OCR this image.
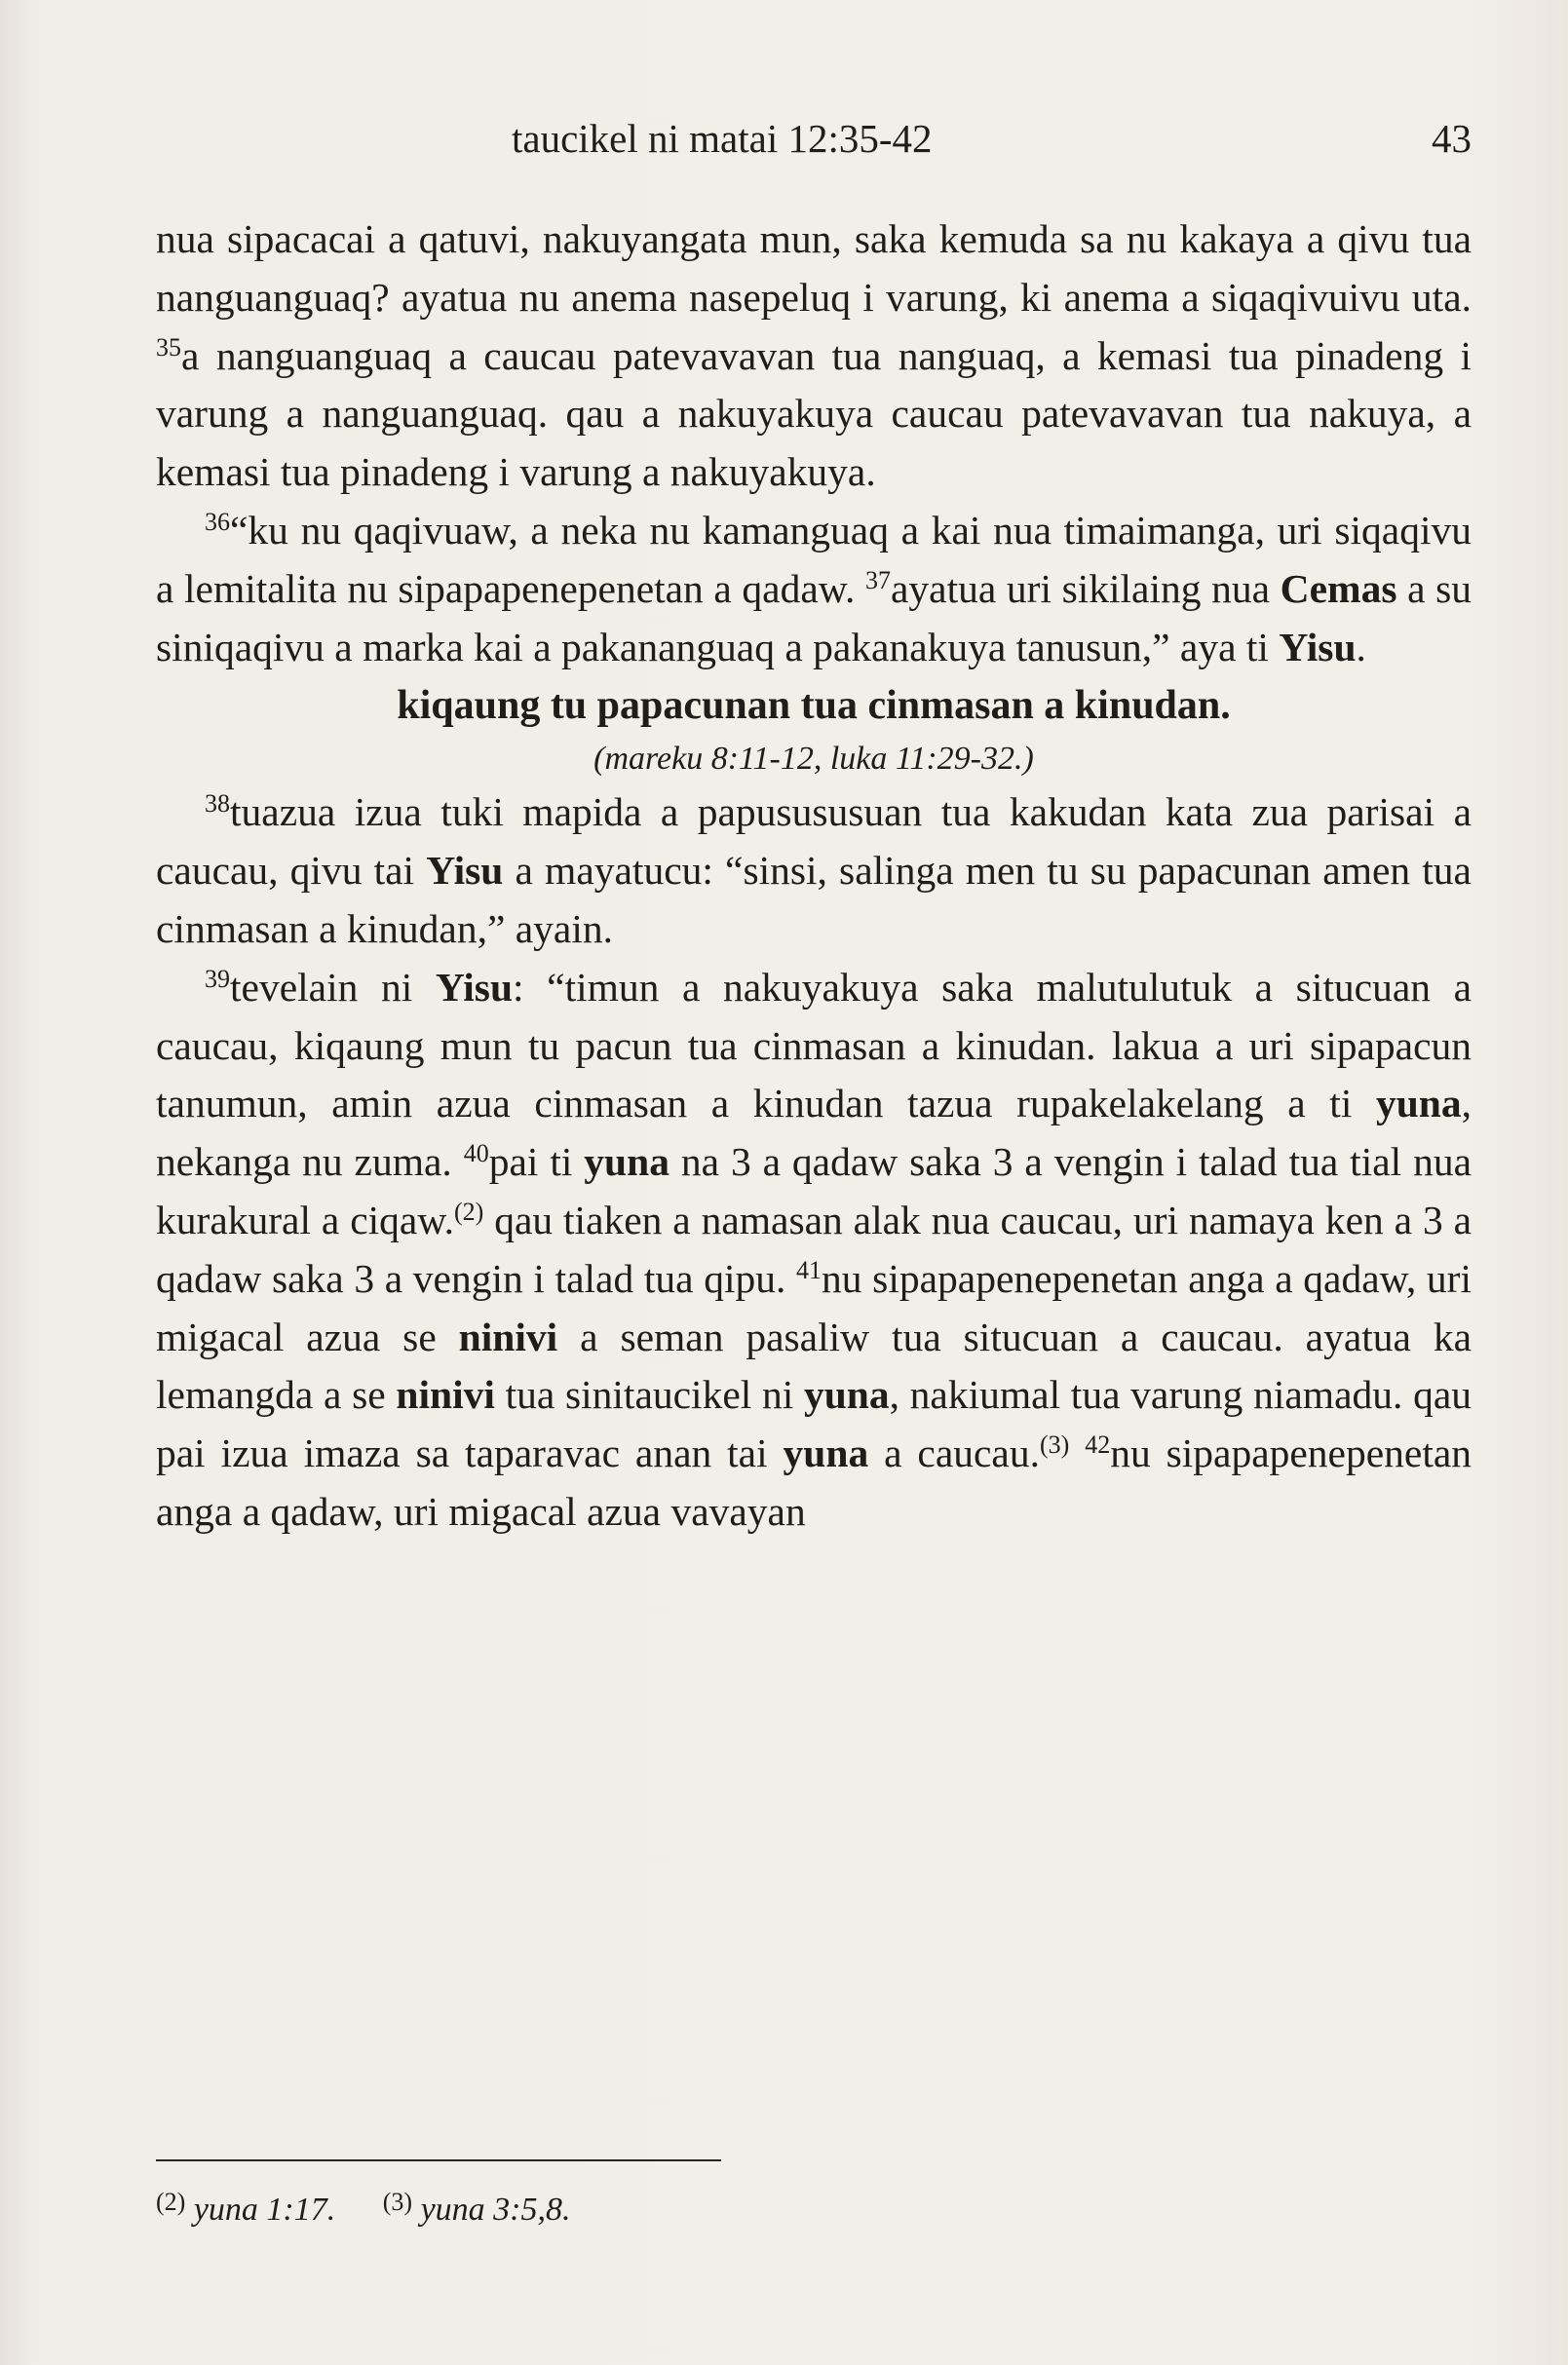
taucikel ni matai 12:35-42	43

nua sipacacai a qatuvi, nakuyangata mun, saka kemuda sa nu kakaya a qivu tua nanguanguaq? ayatua nu anema nasepeluq i varung, ki anema a siqaqivuivu uta. $^{35}$a nanguanguaq a caucau patevavavan tua nanguaq, a kemasi tua pinadeng i varung a nanguanguaq. qau a nakuyakuya caucau patevavavan tua nakuya, a kemasi tua pinadeng i varung a nakuyakuya.

$^{36}$“ku nu qaqivuaw, a neka nu kamanguaq a kai nua timaimanga, uri siqaqivu a lemitalita nu sipapapenepenetan a qadaw. $^{37}$ayatua uri sikilaing nua Cemas a su siniqaqivu a marka kai a pakananguaq a pakanakuya tanusun,” aya ti Yisu.

kiqaung tu papacunan tua cinmasan a kinudan.

(mareku 8:11-12, luka 11:29-32.)

$^{38}$tuazua izua tuki mapida a papusususuan tua kakudan kata zua parisai a caucau, qivu tai Yisu a mayatucu: “sinsi, salinga men tu su papacunan amen tua cinmasan a kinudan,” ayain.

$^{39}$tevelain ni Yisu: “timun a nakuyakuya saka malutulutuk a situcuan a caucau, kiqaung mun tu pacun tua cinmasan a kinudan. lakua a uri sipapacun tanumun, amin azua cinmasan a kinudan tazua rupakelakelang a ti yuna, nekanga nu zuma. $^{40}$pai ti yuna na 3 a qadaw saka 3 a vengin i talad tua tial nua kurakural a ciqaw.$^{(2)}$ qau tiaken a namasan alak nua caucau, uri namaya ken a 3 a qadaw saka 3 a vengin i talad tua qipu. $^{41}$nu sipapapenepenetan anga a qadaw, uri migacal azua se ninivi a seman pasaliw tua situcuan a caucau. ayatua ka lemangda a se ninivi tua sinitaucikel ni yuna, nakiumal tua varung niamadu. qau pai izua imaza sa taparavac anan tai yuna a caucau.$^{(3)}$ $^{42}$nu sipapapenepenetan anga a qadaw, uri migacal azua vavayan

$^{(2)}$ yuna 1:17. $^{(3)}$ yuna 3:5,8.
